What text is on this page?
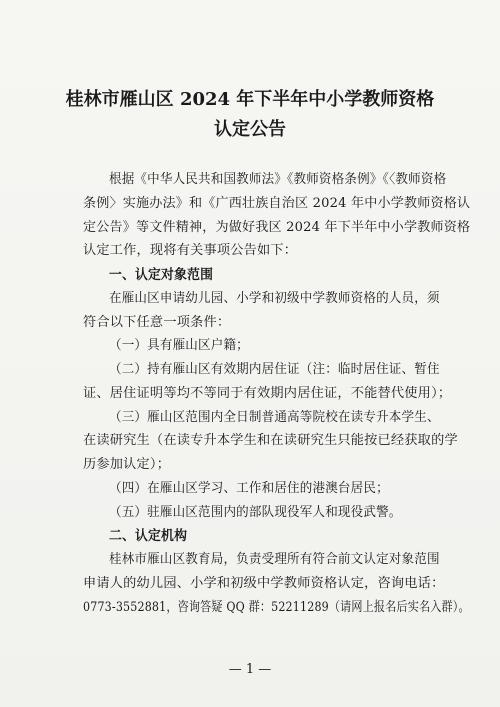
桂林市雁山区 2024 年下半年中小学教师资格
认定公告
根据《中华人民共和国教师法》《教师资格条例》《〈教师资格
条例〉实施办法》和《广西壮族自治区 2024 年中小学教师资格认
定公告》等文件精神，为做好我区 2024 年下半年中小学教师资格
认定工作，现将有关事项公告如下：
一、认定对象范围
在雁山区申请幼儿园、小学和初级中学教师资格的人员，须
符合以下任意一项条件：
（一）具有雁山区户籍；
（二）持有雁山区有效期内居住证（注：临时居住证、暂住
证、居住证明等均不等同于有效期内居住证，不能替代使用）；
（三）雁山区范围内全日制普通高等院校在读专升本学生、
在读研究生（在读专升本学生和在读研究生只能按已经获取的学
历参加认定）；
（四）在雁山区学习、工作和居住的港澳台居民；
（五）驻雁山区范围内的部队现役军人和现役武警。
二、认定机构
桂林市雁山区教育局，负责受理所有符合前文认定对象范围
申请人的幼儿园、小学和初级中学教师资格认定，咨询电话：
0773-3552881，咨询答疑 QQ 群：52211289（请网上报名后实名入群）。
— 1 —
